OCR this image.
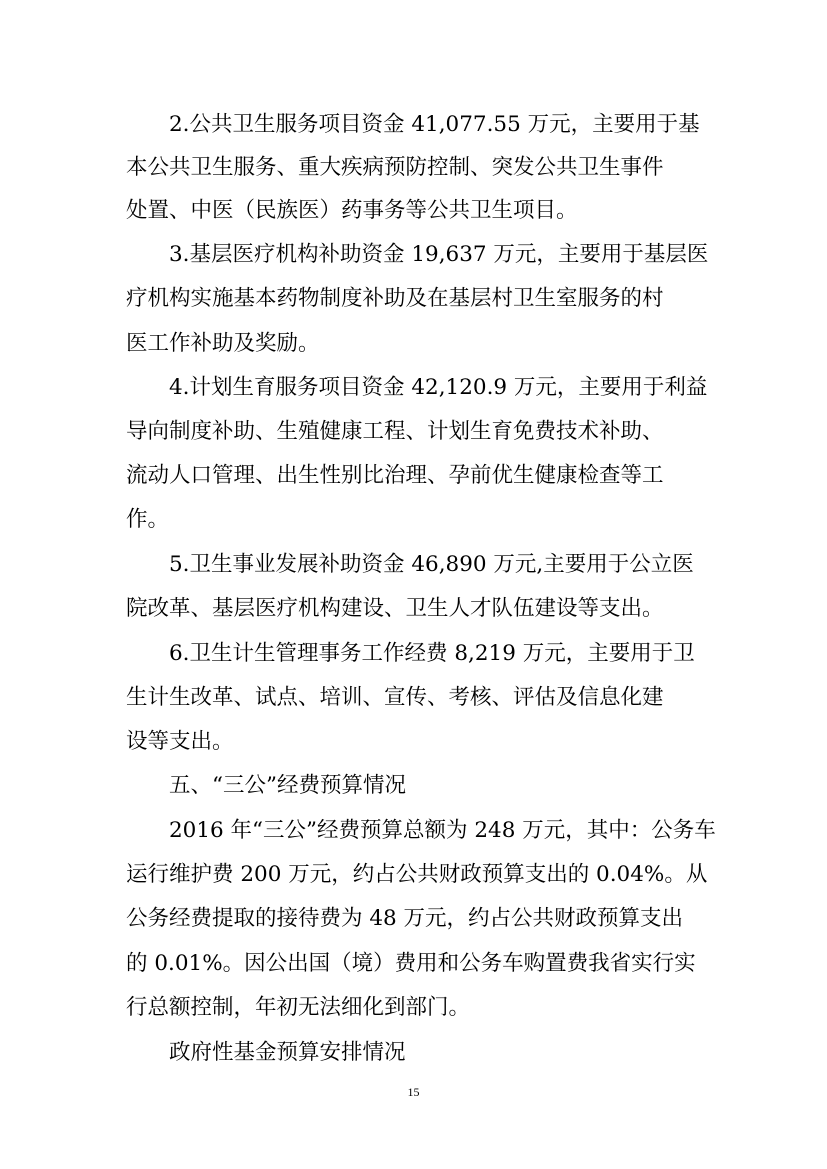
2.公共卫生服务项目资金 41,077.55 万元，主要用于基
本公共卫生服务、重大疾病预防控制、突发公共卫生事件
处置、中医（民族医）药事务等公共卫生项目。
3.基层医疗机构补助资金 19,637 万元，主要用于基层医
疗机构实施基本药物制度补助及在基层村卫生室服务的村
医工作补助及奖励。
4.计划生育服务项目资金 42,120.9 万元，主要用于利益
导向制度补助、生殖健康工程、计划生育免费技术补助、
流动人口管理、出生性别比治理、孕前优生健康检查等工
作。
5.卫生事业发展补助资金 46,890 万元,主要用于公立医
院改革、基层医疗机构建设、卫生人才队伍建设等支出。
6.卫生计生管理事务工作经费 8,219 万元，主要用于卫
生计生改革、试点、培训、宣传、考核、评估及信息化建
设等支出。
五、“三公”经费预算情况
2016 年“三公”经费预算总额为 248 万元，其中：公务车
运行维护费 200 万元，约占公共财政预算支出的 0.04%。从
公务经费提取的接待费为 48 万元，约占公共财政预算支出
的 0.01%。因公出国（境）费用和公务车购置费我省实行实
行总额控制，年初无法细化到部门。
政府性基金预算安排情况
15
